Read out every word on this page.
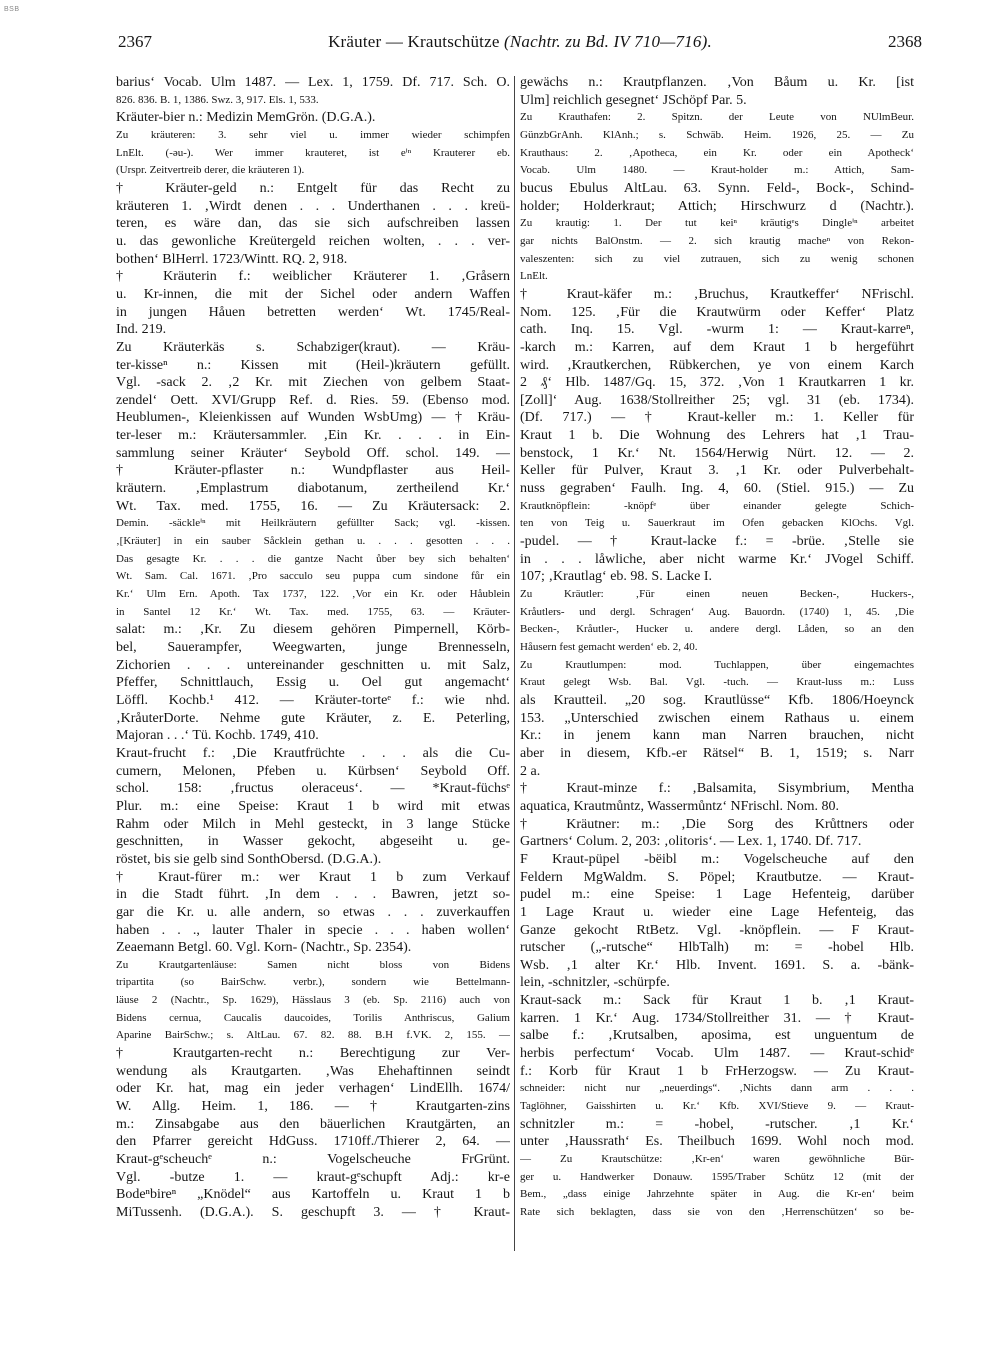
BSB
2367	Kräuter — Krautschütze (Nachtr. zu Bd. IV 710—716).	2368
barius‘ Vocab. Ulm 1487. — Lex. 1, 1759. Df. 717. Sch. O.
826. 836. B. 1, 1386. Swz. 3, 917. Els. 1, 533.
Kräuter-bier n.: Medizin MemGrön. (D.G.A.).
Zu kräuteren: 3. sehr viel u. immer wieder schimpfen
LnElt. (-ǝu-). Wer immer krauteret, ist eⁱⁿ Krauterer eb.
(Urspr. Zeitvertreib derer, die kräuteren 1).
† Kräuter-geld n.: Entgelt für das Recht zu
kräuteren 1. ‚Wirdt denen . . . Underthanen . . . kreü-
teren, es wäre dan, das sie sich aufschreiben lassen
u. das gewonliche Kreütergeld reichen wolten, . . . ver-
bothen‘ BlHerrl. 1723/Wintt. RQ. 2, 918.
† Kräuterin f.: weiblicher Kräuterer 1. ‚Gråsern
u. Kr-innen, die mit der Sichel oder andern Waffen
in jungen Håuen betretten werden‘ Wt. 1745/Real-
Ind. 219.
Zu Kräuterkäs s. Schabziger(kraut). — Kräu-
ter-kisseⁿ n.: Kissen mit (Heil-)kräutern gefüllt.
Vgl. -sack 2. ‚2 Kr. mit Ziechen von gelbem Staat-
zendel‘ Oett. XVI/Grupp Ref. d. Ries. 59. (Ebenso mod.
Heublumen-, Kleienkissen auf Wunden WsbUmg) — † Kräu-
ter-leser m.: Kräutersammler. ‚Ein Kr. . . . in Ein-
sammlung seiner Kräuter‘ Seybold Off. schol. 149. —
† Kräuter-pflaster n.: Wundpflaster aus Heil-
kräutern. ‚Emplastrum diabotanum, zertheilend Kr.‘
Wt. Tax. med. 1755, 16. — Zu Kräutersack: 2.
Demin. -säckleⁱⁿ mit Heilkräutern gefüllter Sack; vgl. -kissen.
‚[Kräuter] in ein sauber Såcklein gethan u. . . . gesotten . . .
Das gesagte Kr. . . . die gantze Nacht ůber bey sich behalten‘
Wt. Sam. Cal. 1671. ‚Pro sacculo seu puppa cum sindone fůr ein
Kr.‘ Ulm Ern. Apoth. Tax 1737, 122. ‚Vor ein Kr. oder Håublein
in Santel 12 Kr.‘ Wt. Tax. med. 1755, 63. — Kräuter-
salat: m.: ‚Kr. Zu diesem gehören Pimpernell, Körb-
bel, Sauerampfer, Weegwarten, junge Brennesseln,
Zichorien . . . untereinander geschnitten u. mit Salz,
Pfeffer, Schnittlauch, Essig u. Oel gut angemacht‘
Löffl. Kochb.¹ 412. — Kräuter-torteᵉ f.: wie nhd.
‚KråuterDorte. Nehme gute Kräuter, z. E. Peterling,
Majoran . . .‘ Tü. Kochb. 1749, 410.
Kraut-frucht f.: ‚Die Krautfrüchte . . . als die Cu-
cumern, Melonen, Pfeben u. Kürbsen‘ Seybold Off.
schol. 158: ‚fructus oleraceus‘. — *Kraut-füchsᵉ
Plur. m.: eine Speise: Kraut 1 b wird mit etwas
Rahm oder Milch in Mehl gesteckt, in 3 lange Stücke
geschnitten, in Wasser gekocht, abgeseiht u. ge-
röstet, bis sie gelb sind SonthObersd. (D.G.A.).
† Kraut-fürer m.: wer Kraut 1 b zum Verkauf
in die Stadt führt. ‚In dem . . . Bawren, jetzt so-
gar die Kr. u. alle andern, so etwas . . . zuverkauffen
haben . . ., lauter Thaler in specie . . . haben wollen‘
Zeaemann Betgl. 60. Vgl. Korn- (Nachtr., Sp. 2354).
Zu Krautgartenläuse: Samen nicht bloss von Bidens
tripartita (so BairSchw. verbr.), sondern wie Bettelmann-
läuse 2 (Nachtr., Sp. 1629), Hässlaus 3 (eb. Sp. 2116) auch von
Bidens cernua, Caucalis daucoides, Torilis Anthriscus, Galium
Aparine BairSchw.; s. AltLau. 67. 82. 88. B.H f.VK. 2, 155. —
† Krautgarten-recht n.: Berechtigung zur Ver-
wendung als Krautgarten. ‚Was Ehehaftinnen seindt
oder Kr. hat, mag ein jeder verhagen‘ LindEllh. 1674/
W. Allg. Heim. 1, 186. — † Krautgarten-zins
m.: Zinsabgabe aus den bäuerlichen Krautgärten, an
den Pfarrer gereicht HdGuss. 1710ff./Thierer 2, 64. —
Kraut-gᵉscheuchᵉ n.: Vogelscheuche FrGrünt.
Vgl. -butze 1. — kraut-gᵉschupft Adj.: kr-e
Bodeⁿbireⁿ „Knödel“ aus Kartoffeln u. Kraut 1 b
MiTussenh. (D.G.A.). S. geschupft 3. — † Kraut-
gewächs n.: Krautpflanzen. ‚Von Båum u. Kr. [ist
Ulm] reichlich gesegnet‘ JSchöpf Par. 5.
Zu Krauthafen: 2. Spitzn. der Leute von NUlmBeur.
GünzbGrAnh. KlAnh.; s. Schwäb. Heim. 1926, 25. — Zu
Krauthaus: 2. ‚Apotheca, ein Kr. oder ein Apotheck‘
Vocab. Ulm 1480. — Kraut-holder m.: Attich, Sam-
bucus Ebulus AltLau. 63. Synn. Feld-, Bock-, Schind-
holder; Holderkraut; Attich; Hirschwurz d (Nachtr.).
Zu krautig: 1. Der tut keiⁿ kräutigᵉs Dingleⁱⁿ arbeitet
gar nichts BalOnstm. — 2. sich krautig macheⁿ von Rekon-
valeszenten: sich zu viel zutrauen, sich zu wenig schonen
LnElt.
† Kraut-käfer m.: ‚Bruchus, Krautkeffer‘ NFrischl.
Nom. 125. ‚Für die Krautwürm oder Keffer‘ Platz
cath. Inq. 15. Vgl. -wurm 1: — Kraut-karreⁿ,
-karch m.: Karren, auf dem Kraut 1 b hergeführt
wird. ‚Krautkerchen, Rübkerchen, ye von einem Karch
2 ₰‘ Hlb. 1487/Gq. 15, 372. ‚Von 1 Krautkarren 1 kr.
[Zoll]‘ Aug. 1638/Stollreither 25; vgl. 31 (eb. 1734).
(Df. 717.) — † Kraut-keller m.: 1. Keller für
Kraut 1 b. Die Wohnung des Lehrers hat ‚1 Trau-
benstock, 1 Kr.‘ Nt. 1564/Herwig Nürt. 12. — 2.
Keller für Pulver, Kraut 3. ‚1 Kr. oder Pulverbehalt-
nuss gegraben‘ Faulh. Ing. 4, 60. (Stiel. 915.) — Zu
Krautknöpflein: -knöpfᵉ über einander gelegte Schich-
ten von Teig u. Sauerkraut im Ofen gebacken KlOchs. Vgl.
-pudel. — † Kraut-lacke f.: = -brüe. ‚Stelle sie
in . . . låwliche, aber nicht warme Kr.‘ JVogel Schiff.
107; ‚Krautlag‘ eb. 98. S. Lacke I.
Zu Kräutler: ‚Für einen neuen Becken-, Huckers-,
Kråutlers- und dergl. Schragen‘ Aug. Bauordn. (1740) 1, 45. ‚Die
Becken-, Kråutler-, Hucker u. andere dergl. Låden, so an den
Håusern fest gemacht werden‘ eb. 2, 40.
Zu Krautlumpen: mod. Tuchlappen, über eingemachtes
Kraut gelegt Wsb. Bal. Vgl. -tuch. — Kraut-luss m.: Luss
als Krautteil. „20 sog. Krautlüsse“ Kfb. 1806/Hoeynck
153. „Unterschied zwischen einem Rathaus u. einem
Kr.: in jenem kann man Narren brauchen, nicht
aber in diesem, Kfb.-er Rätsel“ B. 1, 1519; s. Narr
2 a.
† Kraut-minze f.: ‚Balsamita, Sisymbrium, Mentha
aquatica, Krautmůntz, Wassermůntz‘ NFrischl. Nom. 80.
† Kräutner: m.: ‚Die Sorg des Krůttners oder
Gartners‘ Colum. 2, 203: ‚olitoris‘. — Lex. 1, 1740. Df. 717.
F Kraut-püpel -bëibl m.: Vogelscheuche auf den
Feldern MgWaldm. S. Pöpel; Krautbutze. — Kraut-
pudel m.: eine Speise: 1 Lage Hefenteig, darüber
1 Lage Kraut u. wieder eine Lage Hefenteig, das
Ganze gekocht RtBetz. Vgl. -knöpflein. — F Kraut-
rutscher („-rutsche“ HlbTalh) m: = -hobel Hlb.
Wsb. ‚1 alter Kr.‘ Hlb. Invent. 1691. S. a. -bänk-
lein, -schnitzler, -schürpfe.
Kraut-sack m.: Sack für Kraut 1 b. ‚1 Kraut-
karren. 1 Kr.‘ Aug. 1734/Stollreither 31. — † Kraut-
salbe f.: ‚Krutsalben, aposima, est unguentum de
herbis perfectum‘ Vocab. Ulm 1487. — Kraut-schidᵉ
f.: Korb für Kraut 1 b FrHerzogsw. — Zu Kraut-
schneider: nicht nur „neuerdings“. ‚Nichts dann arm . . .
Taglöhner, Gaisshirten u. Kr.‘ Kfb. XVI/Stieve 9. — Kraut-
schnitzler m.: = -hobel, -rutscher. ‚1 Kr.‘
unter ‚Haussrath‘ Es. Theilbuch 1699. Wohl noch mod.
— Zu Krautschütze: ‚Kr-en‘ waren gewöhnliche Bür-
ger u. Handwerker Donauw. 1595/Traber Schütz 12 (mit der
Bem., „dass einige Jahrzehnte später in Aug. die Kr-en‘ beim
Rate sich beklagten, dass sie von den ‚Herrenschützen‘ so be-
